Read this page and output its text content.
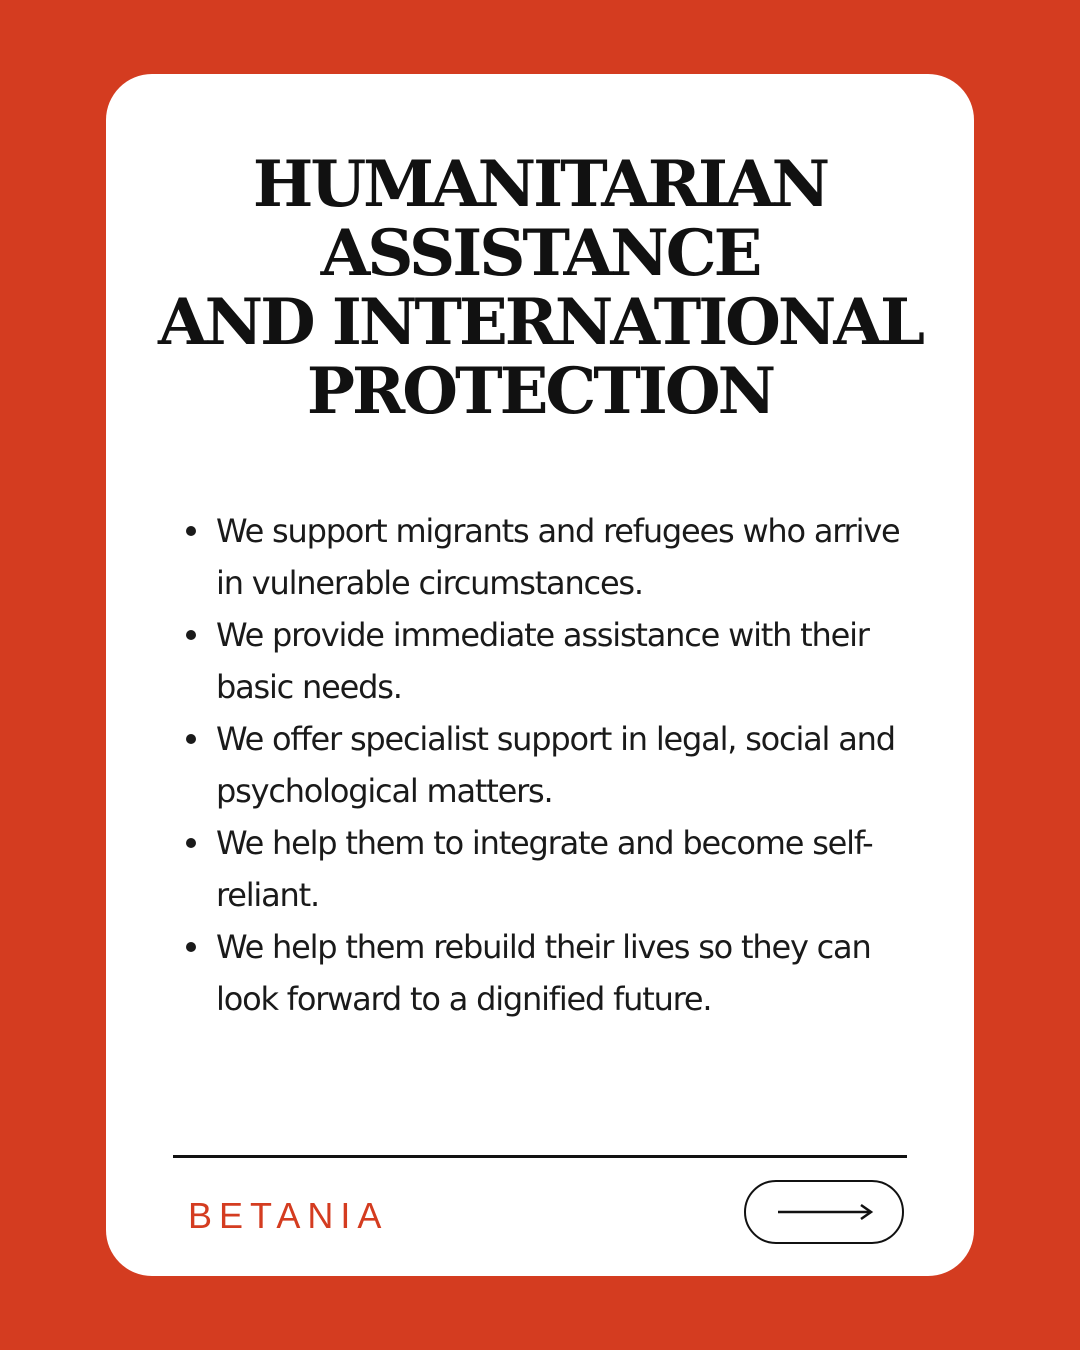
HUMANITARIAN
ASSISTANCE
AND INTERNATIONAL
PROTECTION
We support migrants and refugees who arrive in vulnerable circumstances.
We provide immediate assistance with their basic needs.
We offer specialist support in legal, social and psychological matters.
We help them to integrate and become self-reliant.
We help them rebuild their lives so they can look forward to a dignified future.
BETANIA
